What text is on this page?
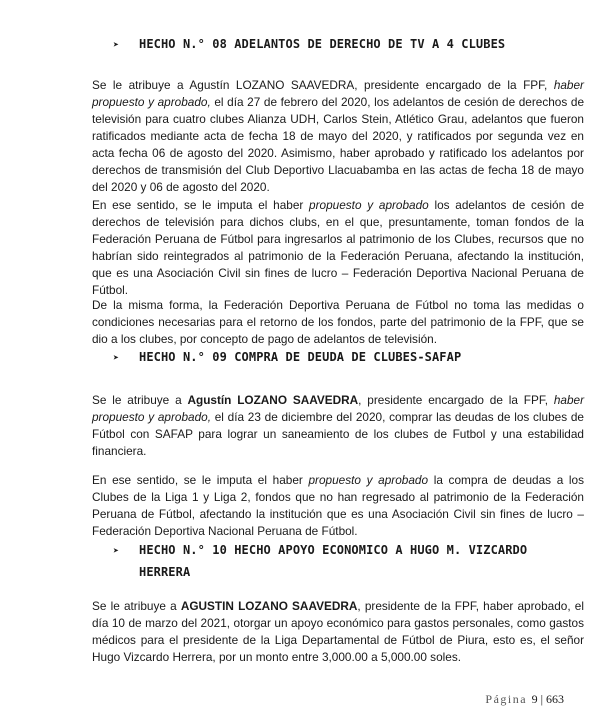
➤ HECHO N.° 08 ADELANTOS DE DERECHO DE TV A 4 CLUBES

Se le atribuye a Agustín LOZANO SAAVEDRA, presidente encargado de la FPF, haber propuesto y aprobado, el día 27 de febrero del 2020, los adelantos de cesión de derechos de televisión para cuatro clubes Alianza UDH, Carlos Stein, Atlético Grau, adelantos que fueron ratificados mediante acta de fecha 18 de mayo del 2020, y ratificados por segunda vez en acta fecha 06 de agosto del 2020. Asimismo, haber aprobado y ratificado los adelantos por derechos de transmisión del Club Deportivo Llacuabamba en las actas de fecha 18 de mayo del 2020 y 06 de agosto del 2020.

En ese sentido, se le imputa el haber propuesto y aprobado los adelantos de cesión de derechos de televisión para dichos clubs, en el que, presuntamente, toman fondos de la Federación Peruana de Fútbol para ingresarlos al patrimonio de los Clubes, recursos que no habrían sido reintegrados al patrimonio de la Federación Peruana, afectando la institución, que es una Asociación Civil sin fines de lucro – Federación Deportiva Nacional Peruana de Fútbol.

De la misma forma, la Federación Deportiva Peruana de Fútbol no toma las medidas o condiciones necesarias para el retorno de los fondos, parte del patrimonio de la FPF, que se dio a los clubes, por concepto de pago de adelantos de televisión.

➤ HECHO N.° 09 COMPRA DE DEUDA DE CLUBES-SAFAP

Se le atribuye a Agustín LOZANO SAAVEDRA, presidente encargado de la FPF, haber propuesto y aprobado, el día 23 de diciembre del 2020, comprar las deudas de los clubes de Fútbol con SAFAP para lograr un saneamiento de los clubes de Futbol y una estabilidad financiera.

En ese sentido, se le imputa el haber propuesto y aprobado la compra de deudas a los Clubes de la Liga 1 y Liga 2, fondos que no han regresado al patrimonio de la Federación Peruana de Fútbol, afectando la institución que es una Asociación Civil sin fines de lucro – Federación Deportiva Nacional Peruana de Fútbol.

➤ HECHO N.° 10 HECHO APOYO ECONOMICO A HUGO M. VIZCARDO
HERRERA

Se le atribuye a AGUSTIN LOZANO SAAVEDRA, presidente de la FPF, haber aprobado, el día 10 de marzo del 2021, otorgar un apoyo económico para gastos personales, como gastos médicos para el presidente de la Liga Departamental de Fútbol de Piura, esto es, el señor Hugo Vizcardo Herrera, por un monto entre 3,000.00 a 5,000.00 soles.

Página 9 | 663
